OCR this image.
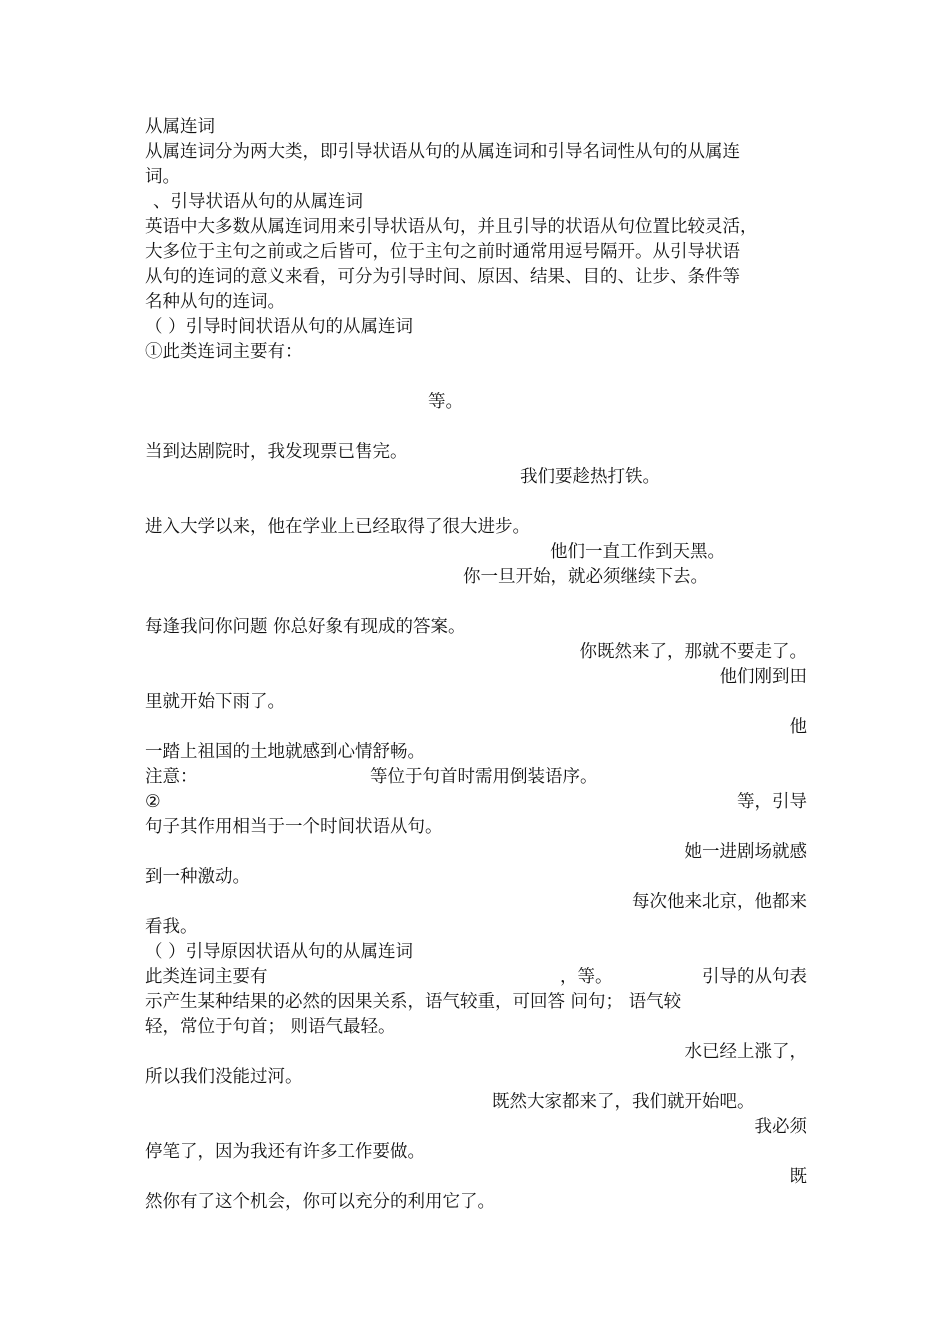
从属连词
从属连词分为两大类，即引导状语从句的从属连词和引导名词性从句的从属连
词。
、引导状语从句的从属连词
英语中大多数从属连词用来引导状语从句，并且引导的状语从句位置比较灵活，
大多位于主句之前或之后皆可，位于主句之前时通常用逗号隔开。从引导状语
从句的连词的意义来看，可分为引导时间、原因、结果、目的、让步、条件等
名种从句的连词。
（ ）引导时间状语从句的从属连词
①此类连词主要有：
等。
当到达剧院时，我发现票已售完。
我们要趁热打铁。
进入大学以来，他在学业上已经取得了很大进步。
他们一直工作到天黑。
你一旦开始，就必须继续下去。
每逢我问你问题 你总好象有现成的答案。
你既然来了，那就不要走了。
他们刚到田
里就开始下雨了。
他
一踏上祖国的土地就感到心情舒畅。
注意：	等位于句首时需用倒装语序。
②	等，引导
句子其作用相当于一个时间状语从句。
她一进剧场就感
到一种激动。
每次他来北京，他都来
看我。
（ ）引导原因状语从句的从属连词
此类连词主要有	，等。	引导的从句表
示产生某种结果的必然的因果关系，语气较重，可回答 问句； 语气较
轻，常位于句首； 则语气最轻。
水已经上涨了，
所以我们没能过河。
既然大家都来了，我们就开始吧。
我必须
停笔了，因为我还有许多工作要做。
既
然你有了这个机会，你可以充分的利用它了。
